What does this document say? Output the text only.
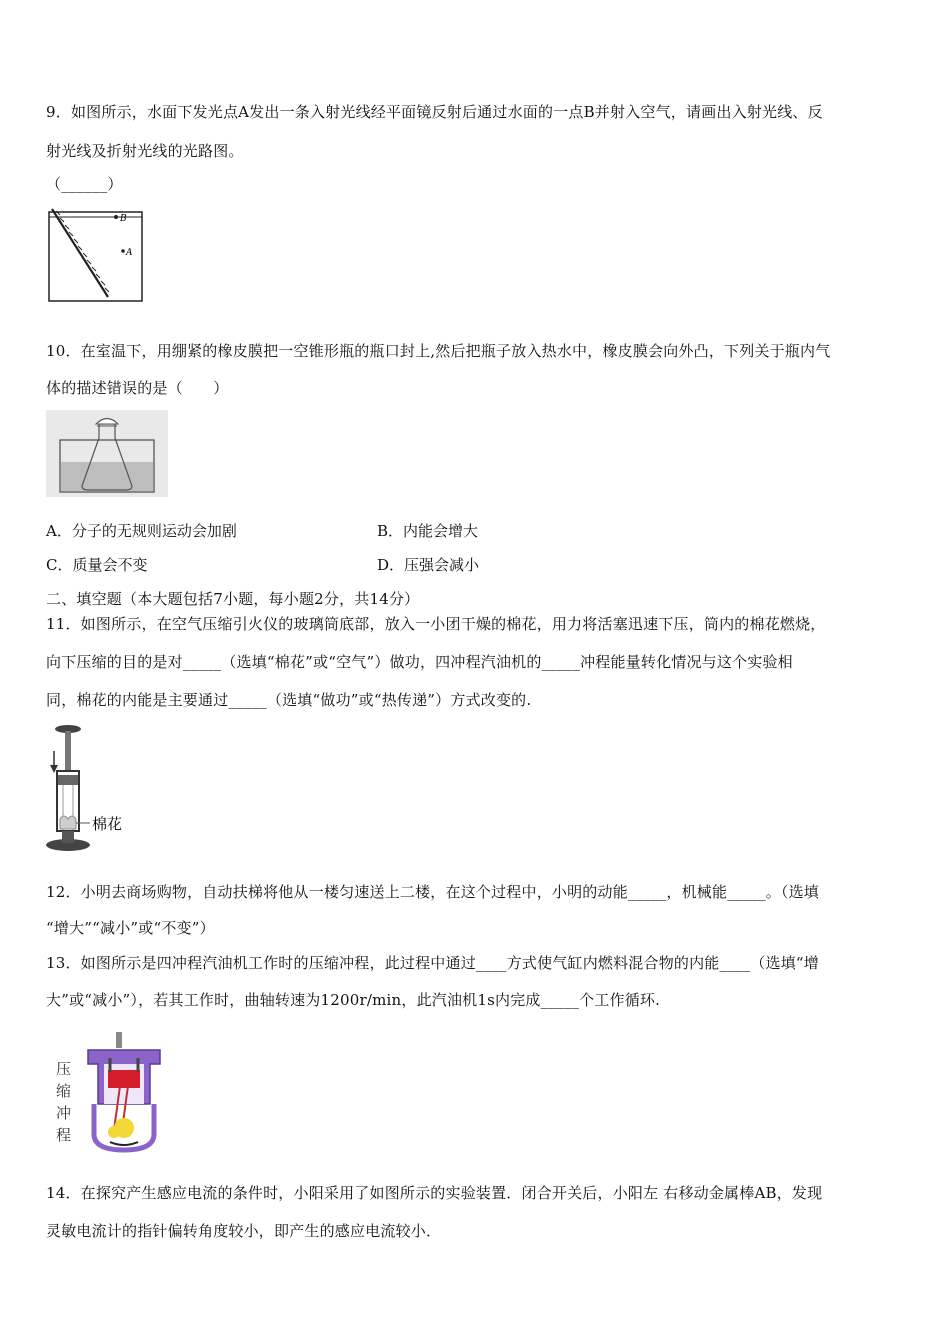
9．如图所示，水面下发光点A发出一条入射光线经平面镜反射后通过水面的一点B并射入空气，请画出入射光线、反
射光线及折射光线的光路图。
（______）
B
A
10．在室温下，用绷紧的橡皮膜把一空锥形瓶的瓶口封上,然后把瓶子放入热水中，橡皮膜会向外凸，下列关于瓶内气
体的描述错误的是（　　）
A．分子的无规则运动会加剧	B．内能会增大
C．质量会不变	D．压强会减小
二、填空题（本大题包括7小题，每小题2分，共14分）
11．如图所示，在空气压缩引火仪的玻璃筒底部，放入一小团干燥的棉花，用力将活塞迅速下压，筒内的棉花燃烧，
向下压缩的目的是对_____（选填“棉花”或“空气”）做功，四冲程汽油机的_____冲程能量转化情况与这个实验相
同，棉花的内能是主要通过_____（选填“做功”或“热传递”）方式改变的.
棉花
12．小明去商场购物，自动扶梯将他从一楼匀速送上二楼，在这个过程中，小明的动能_____，机械能_____。（选填
“增大”“减小”或“不变”）
13．如图所示是四冲程汽油机工作时的压缩冲程，此过程中通过____方式使气缸内燃料混合物的内能____（选填“增
大”或“减小”），若其工作时，曲轴转速为1200r/min，此汽油机1s内完成_____个工作循环.
压
缩
冲
程
14．在探究产生感应电流的条件时，小阳采用了如图所示的实验装置．闭合开关后，小阳左 右移动金属棒AB，发现
灵敏电流计的指针偏转角度较小，即产生的感应电流较小．
